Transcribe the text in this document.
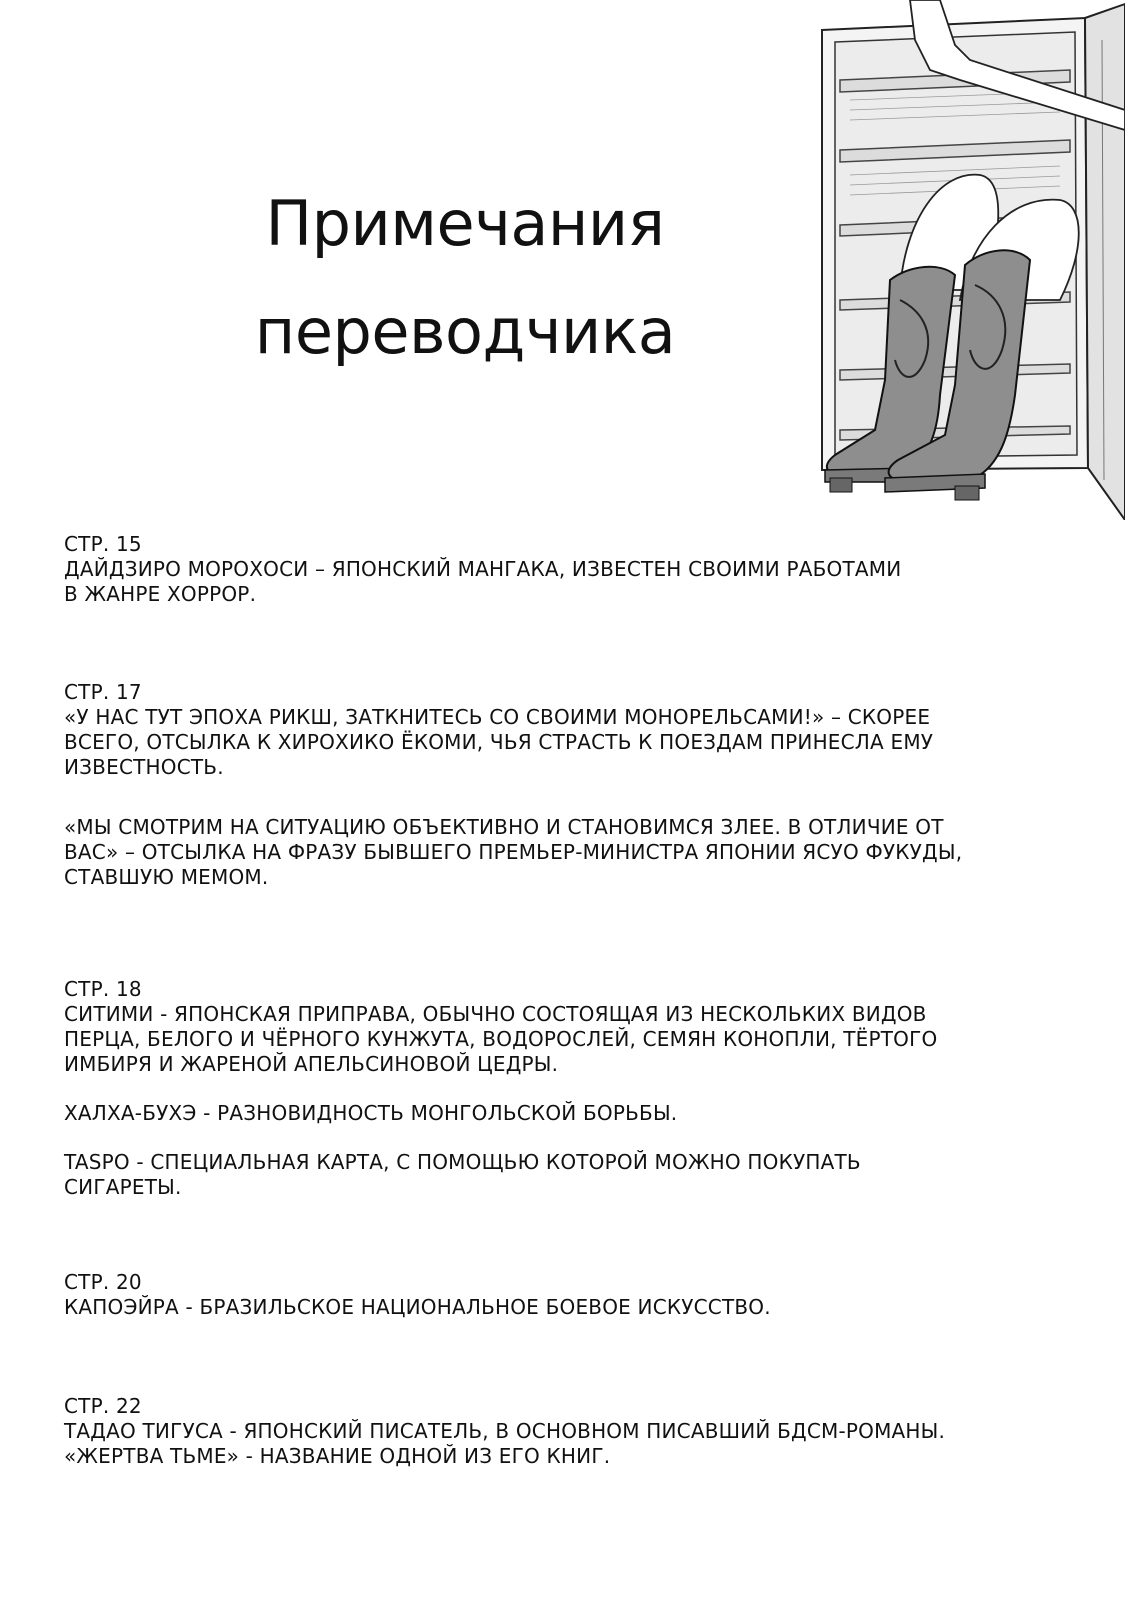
Примечания
переводчика
СТР. 15
ДАЙДЗИРО МОРОХОСИ – ЯПОНСКИЙ МАНГАКА, ИЗВЕСТЕН СВОИМИ РАБОТАМИ
В ЖАНРЕ ХОРРОР.
СТР. 17
«У НАС ТУТ ЭПОХА РИКШ, ЗАТКНИТЕСЬ СО СВОИМИ МОНОРЕЛЬСАМИ!» – СКОРЕЕ
ВСЕГО, ОТСЫЛКА К ХИРОХИКО ЁКОМИ, ЧЬЯ СТРАСТЬ К ПОЕЗДАМ ПРИНЕСЛА ЕМУ
ИЗВЕСТНОСТЬ.
«МЫ СМОТРИМ НА СИТУАЦИЮ ОБЪЕКТИВНО И СТАНОВИМСЯ ЗЛЕЕ. В ОТЛИЧИЕ ОТ
ВАС» – ОТСЫЛКА НА ФРАЗУ БЫВШЕГО ПРЕМЬЕР-МИНИСТРА ЯПОНИИ ЯСУО ФУКУДЫ,
СТАВШУЮ МЕМОМ.
СТР. 18
СИТИМИ - ЯПОНСКАЯ ПРИПРАВА, ОБЫЧНО СОСТОЯЩАЯ ИЗ НЕСКОЛЬКИХ ВИДОВ
ПЕРЦА, БЕЛОГО И ЧЁРНОГО КУНЖУТА, ВОДОРОСЛЕЙ, СЕМЯН КОНОПЛИ, ТЁРТОГО
ИМБИРЯ И ЖАРЕНОЙ АПЕЛЬСИНОВОЙ ЦЕДРЫ.
ХАЛХА-БУХЭ - РАЗНОВИДНОСТЬ МОНГОЛЬСКОЙ БОРЬБЫ.
TASPO - СПЕЦИАЛЬНАЯ КАРТА, С ПОМОЩЬЮ КОТОРОЙ МОЖНО ПОКУПАТЬ
СИГАРЕТЫ.
СТР. 20
КАПОЭЙРА - БРАЗИЛЬСКОЕ НАЦИОНАЛЬНОЕ БОЕВОЕ ИСКУССТВО.
СТР. 22
ТАДАО ТИГУСА - ЯПОНСКИЙ ПИСАТЕЛЬ, В ОСНОВНОМ ПИСАВШИЙ БДСМ-РОМАНЫ.
«ЖЕРТВА ТЬМЕ» - НАЗВАНИЕ ОДНОЙ ИЗ ЕГО КНИГ.
